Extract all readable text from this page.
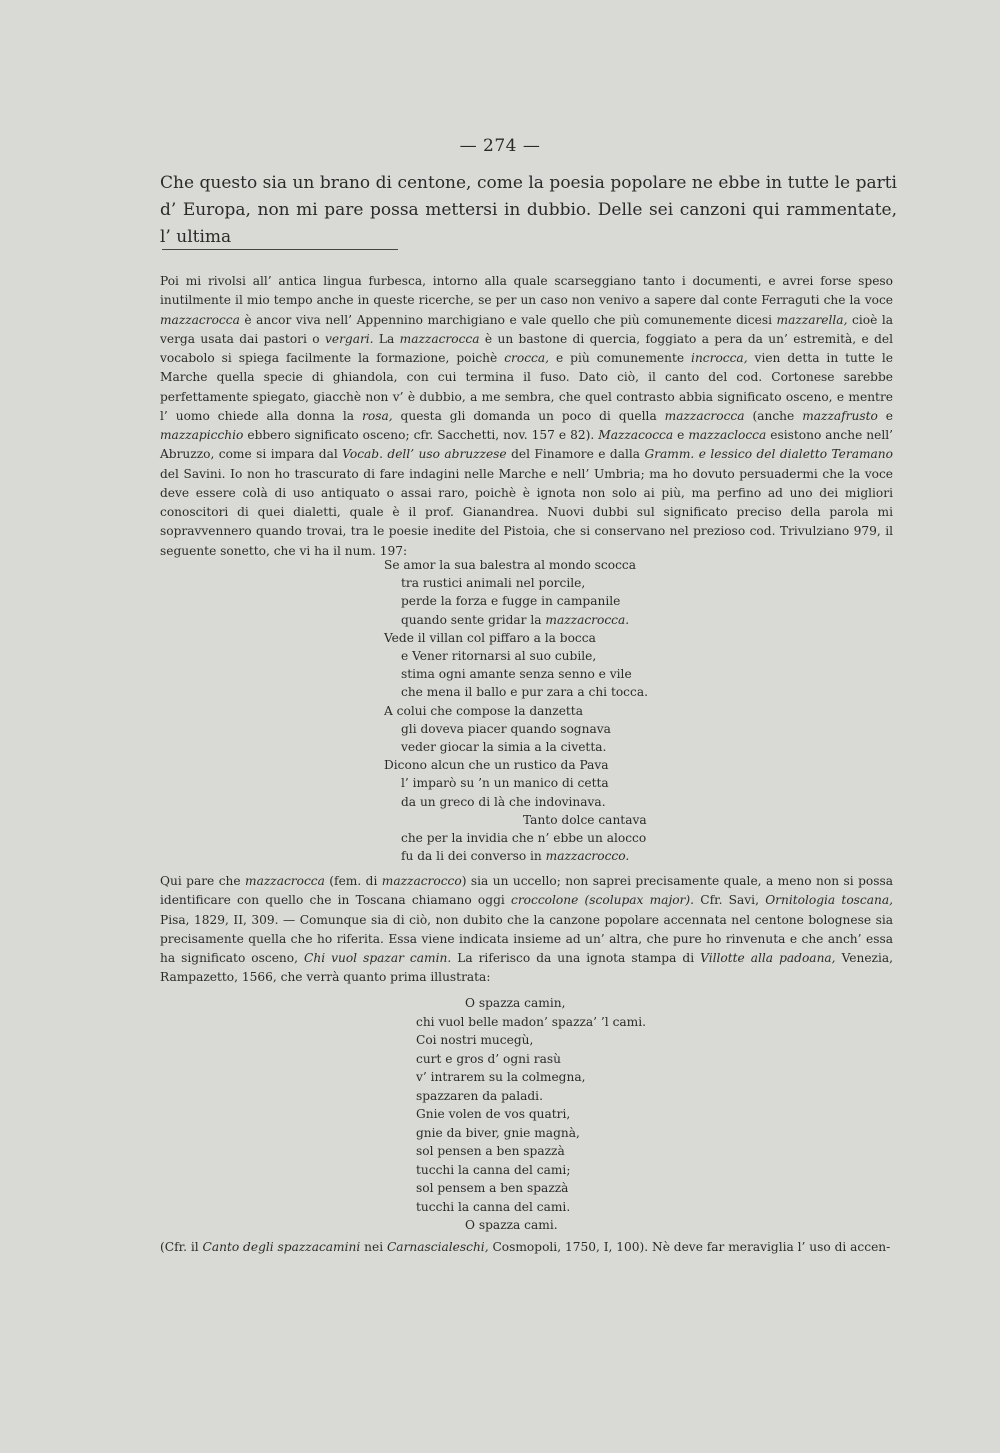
— 274 —
Che questo sia un brano di centone, come la poesia popolare ne ebbe in tutte le parti d’ Europa, non mi pare possa mettersi in dubbio. Delle sei canzoni qui rammentate, l’ ultima

Poi mi rivolsi all’ antica lingua furbesca, intorno alla quale scarseggiano tanto i documenti, e avrei forse speso inutilmente il mio tempo anche in queste ricerche, se per un caso non venivo a sapere dal conte Ferraguti che la voce mazzacrocca è ancor viva nell’ Appennino marchigiano e vale quello che più comunemente dicesi mazzarella, cioè la verga usata dai pastori o vergari. La mazzacrocca è un bastone di quercia, foggiato a pera da un’ estremità, e del vocabolo si spiega facilmente la formazione, poichè crocca, e più comunemente incrocca, vien detta in tutte le Marche quella specie di ghiandola, con cui termina il fuso. Dato ciò, il canto del cod. Cortonese sarebbe perfettamente spiegato, giacchè non v’ è dubbio, a me sembra, che quel contrasto abbia significato osceno, e mentre l’ uomo chiede alla donna la rosa, questa gli domanda un poco di quella mazzacrocca (anche mazzafrusto e mazzapicchio ebbero significato osceno; cfr. Sacchetti, nov. 157 e 82). Mazzacocca e mazzaclocca esistono anche nell’ Abruzzo, come si impara dal Vocab. dell’ uso abruzzese del Finamore e dalla Gramm. e lessico del dialetto Teramano del Savini. Io non ho trascurato di fare indagini nelle Marche e nell’ Umbria; ma ho dovuto persuadermi che la voce deve essere colà di uso antiquato o assai raro, poichè è ignota non solo ai più, ma perfino ad uno dei migliori conoscitori di quei dialetti, quale è il prof. Gianandrea. Nuovi dubbi sul significato preciso della parola mi sopravvennero quando trovai, tra le poesie inedite del Pistoia, che si conservano nel prezioso cod. Trivulziano 979, il seguente sonetto, che vi ha il num. 197:

Se amor la sua balestra al mondo scocca
tra rustici animali nel porcile,
perde la forza e fugge in campanile
quando sente gridar la mazzacrocca.
Vede il villan col piffaro a la bocca
e Vener ritornarsi al suo cubile,
stima ogni amante senza senno e vile
che mena il ballo e pur zara a chi tocca.
A colui che compose la danzetta
gli doveva piacer quando sognava
veder giocar la simia a la civetta.
Dicono alcun che un rustico da Pava
l’ imparò su ’n un manico di cetta
da un greco di là che indovinava.
Tanto dolce cantava
che per la invidia che n’ ebbe un alocco
fu da li dei converso in mazzacrocco.

Qui pare che mazzacrocca (fem. di mazzacrocco) sia un uccello; non saprei precisamente quale, a meno non si possa identificare con quello che in Toscana chiamano oggi croccolone (scolupax major). Cfr. Savi, Ornitologia toscana, Pisa, 1829, II, 309. — Comunque sia di ciò, non dubito che la canzone popolare accennata nel centone bolognese sia precisamente quella che ho riferita. Essa viene indicata insieme ad un’ altra, che pure ho rinvenuta e che anch’ essa ha significato osceno, Chi vuol spazar camin. La riferisco da una ignota stampa di Villotte alla padoana, Venezia, Rampazetto, 1566, che verrà quanto prima illustrata:

O spazza camin,
chi vuol belle madon’ spazza’ ’l cami.
Coi nostri mucegù,
curt e gros d’ ogni rasù
v’ intrarem su la colmegna,
spazzaren da paladi.
Gnie volen de vos quatri,
gnie da biver, gnie magnà,
sol pensen a ben spazzà
tucchi la canna del cami;
sol pensem a ben spazzà
tucchi la canna del cami.
O spazza cami.

(Cfr. il Canto degli spazzacamini nei Carnascialeschi, Cosmopoli, 1750, I, 100). Nè deve far meraviglia l’ uso di accen-
